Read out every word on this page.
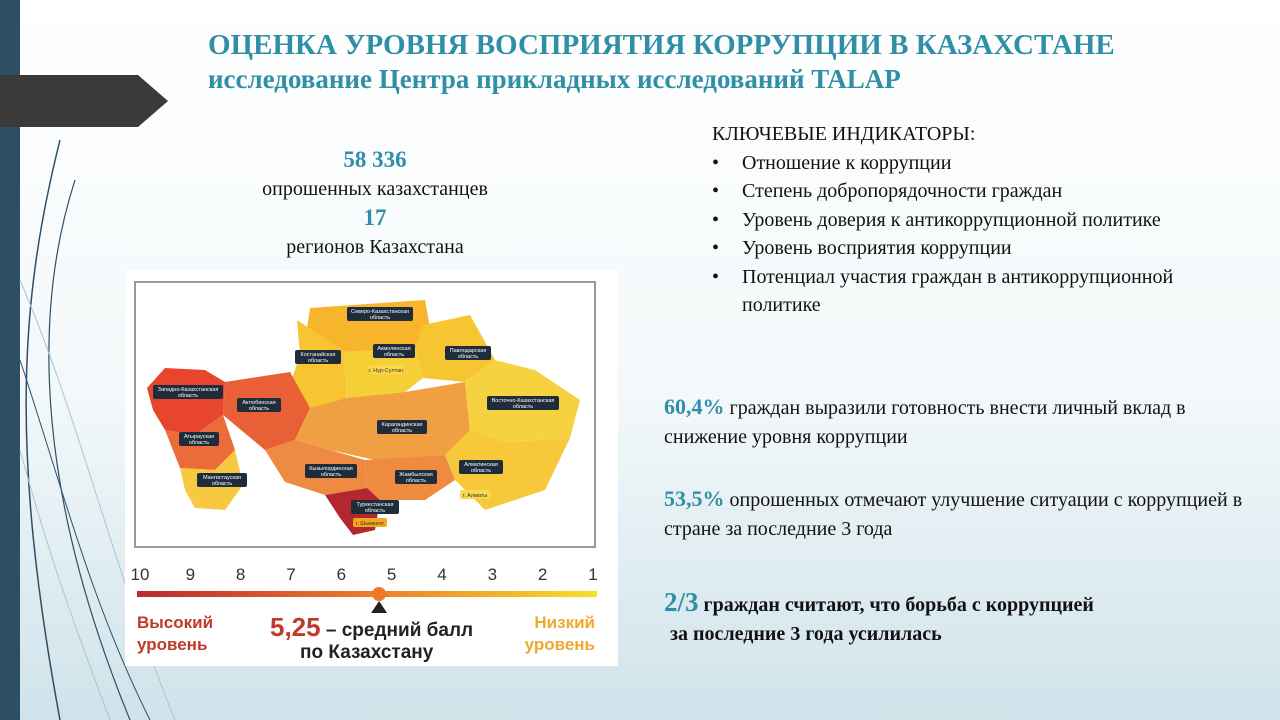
ОЦЕНКА УРОВНЯ ВОСПРИЯТИЯ КОРРУПЦИИ В КАЗАХСТАНЕ
исследование Центра прикладных исследований TALAP
58 336
опрошенных казахстанцев
17
регионов Казахстана
Северо-Казахстанская
область
Костанайская
область
Акмолинская
область
Павлодарская
область
г. Нур-Султан
Западно-Казахстанская
область
Актюбинская
область
Атырауская
область
Карагандинская
область
Восточно-Казахстанская
область
Мангистауская
область
Кызылординская
область	Жамбылская
область
Алматинская
область
г. Алматы
Туркестанская
область
г. Шымкент
10 9 8 7 6 5 4 3 2 1
Высокий
уровень
Низкий
уровень
5,25 – средний балл
по Казахстану
КЛЮЧЕВЫЕ ИНДИКАТОРЫ:
• Отношение к коррупции
• Степень добропорядочности граждан
• Уровень доверия к антикоррупционной политике
• Уровень восприятия коррупции
• Потенциал участия граждан в антикоррупционной политике
60,4% граждан выразили готовность внести личный вклад в снижение уровня коррупции
53,5% опрошенных отмечают улучшение ситуации с коррупцией в стране за последние 3 года
2/3 граждан считают, что борьба с коррупцией
за последние 3 года усилилась
